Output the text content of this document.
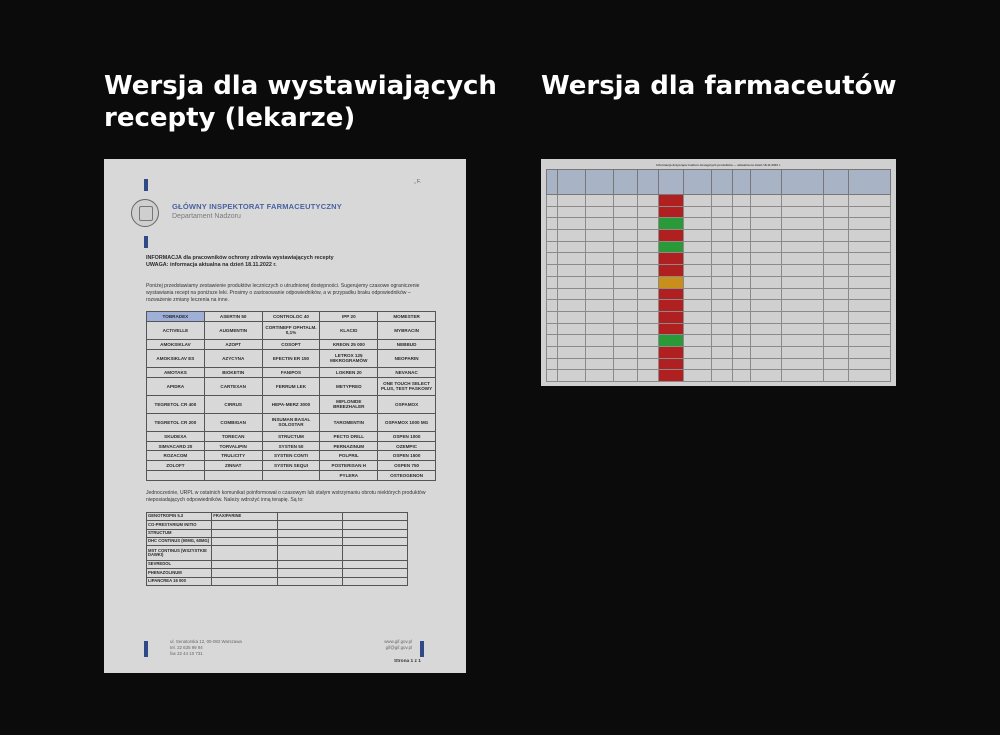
Wersja dla wystawiających recepty (lekarze)
Wersja dla farmaceutów
GŁÓWNY INSPEKTORAT FARMACEUTYCZNY
Departament Nadzoru
„ F.
INFORMACJA dla pracowników ochrony zdrowia wystawiających recepty
UWAGA: informacja aktualna na dzień 18.11.2022 r.
Poniżej przedstawiamy zestawienie produktów leczniczych o utrudnionej dostępności. Sugerujemy czasowe ograniczenie wystawiania recept na poniższe leki. Prosimy o zastosowanie odpowiedników, a w przypadku braku odpowiedników – rozważenie zmiany leczenia na inne.
TOBRADEX	ASERTIN 50	CONTROLOC 40	IPP 20	MOMESTER
ACTIVELLE	AUGMENTIN	CORTINEFF OPHTALM. 0,1%	KLACID	MYBRACIN
AMOKSIKLAV	AZOPT	COSOPT	KREON 25 000	NEBBUD
AMOKSIKLAV ES	AZYCYNA	EFECTIN ER 150	LETROX 125 MIKROGRAMÓW	NEOPARIN
AMOTAKS	BIOKETIN	FANIPOS	LOKREN 20	NEVANAC
APIDRA	CARTEXAN	FERRUM LEK	METYPRED	ONE TOUCH SELECT PLUS, TEST PASKOWY
TEGRETOL CR 400	CIRRUS	HEPA-MERZ 3000	MIFLONIDE BREEZHALER	OSPAMOX
TEGRETOL CR 200	COMBIGAN	INSUMAN BASAL SOLOSTAR	TAROMENTIN	OSPAMOX 1000 MG
SKUDEXA	TORECAN	STRUCTUM	PECTO DRILL	OSPEN 1000
SIMVACARD 20	TORVALIPIN	SYSTEN 50	PERNAZINUM	OZEMPIC
ROZACOM	TRULICITY	SYSTEN CONTI	POLPRIL	OSPEN 1500
ZOLOFT	ZINNAT	SYSTEN SEQUI	POSTERISAN H	OSPEN 750
			PYLERA	OSTEOGENON
Jednocześnie, URPL w ostatnich komunikat poinformował o czasowym lub stałym wstrzymaniu obrotu niektórych produktów nieposiadających odpowiedników. Należy wdrożyć inną terapię. Są to:
GENOTROPIN 5.3	FRAXIPARINE		
CO-PRESTARIUM INITIO			
STRUCTUM			
DHC CONTINUS (90MG, 60MG)			
MST CONTINUS (WSZYSTKIE DAWKI)			
SEVREDOL			
PHENAZOLINUM			
LIPANCREA 16 000			
ul. Senatorska 12, 00-082 Warszawa
tel. 22 635 99 94
fax 22 44 10 731
www.gif.gov.pl
gif@gif.gov.pl
Strona 1 z 1
Informacja dotycząca trudnoś dostępnych produktów — aktualna na dzień 18.11.2022 r.
